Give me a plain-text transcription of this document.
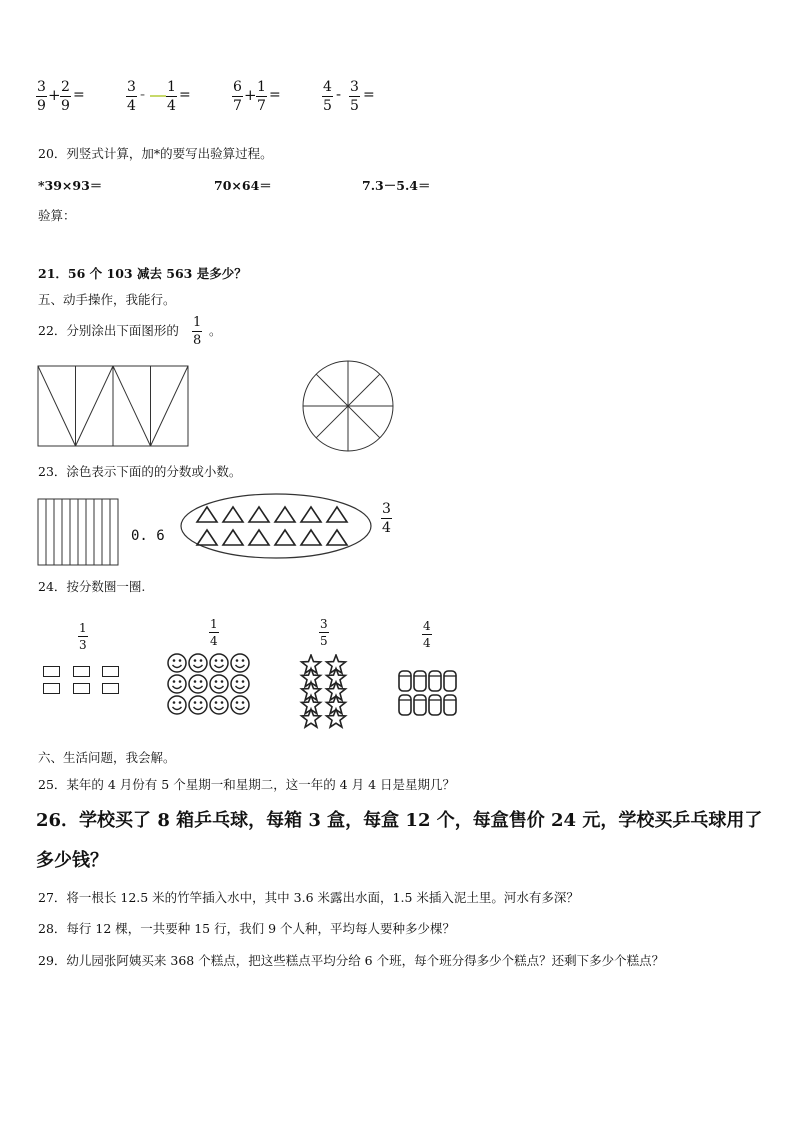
3
9
+ 2
9
=	3
4
- 1
4
=	6
7
+ 1
7
=	4
5
- 3
5
=
20．列竖式计算，加*的要写出验算过程。
*39×93＝	70×64＝	7.3－5.4＝
验算：
21．56 个 103 减去 563 是多少？
五、动手操作，我能行。
22．分别涂出下面图形的
1
8
。
23．涂色表示下面的的分数或小数。
0. 6
3
4
24．按分数圈一圈.
1
3
1
4
3
5
4
4
六、生活问题，我会解。
25．某年的 4 月份有 5 个星期一和星期二，这一年的 4 月 4 日是星期几？
26．学校买了 8 箱乒乓球，每箱 3 盒，每盒 12 个，每盒售价 24 元，学校买乒乓球用了
多少钱？
27．将一根长 12.5 米的竹竿插入水中，其中 3.6 米露出水面，1.5 米插入泥土里。河水有多深？
28．每行 12 棵，一共要种 15 行，我们 9 个人种，平均每人要种多少棵？
29．幼儿园张阿姨买来 368 个糕点，把这些糕点平均分给 6 个班，每个班分得多少个糕点？还剩下多少个糕点？
